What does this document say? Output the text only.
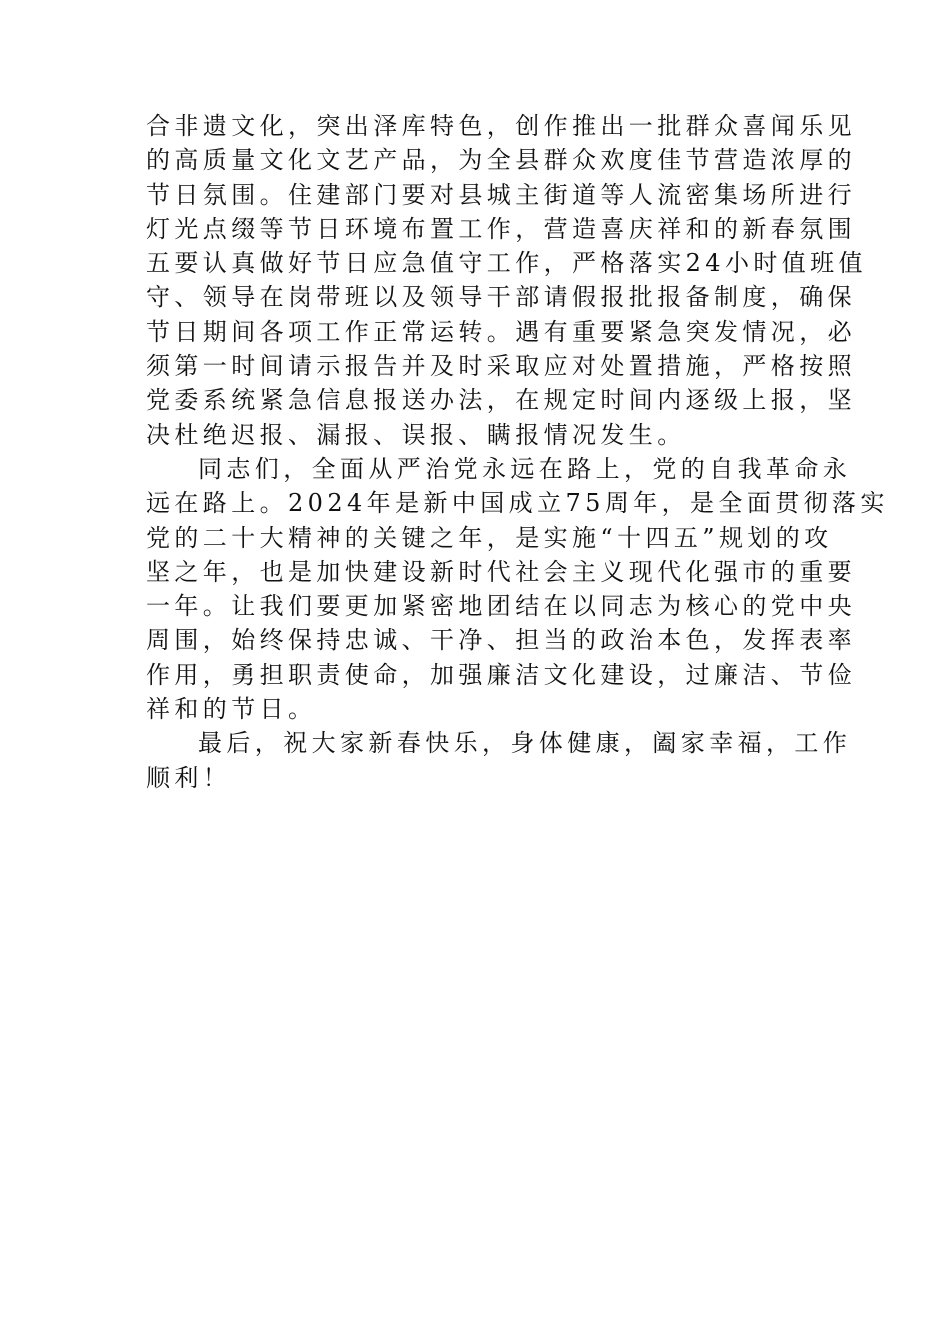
合非遗文化，突出泽库特色，创作推出一批群众喜闻乐见
的高质量文化文艺产品，为全县群众欢度佳节营造浓厚的
节日氛围。住建部门要对县城主街道等人流密集场所进行
灯光点缀等节日环境布置工作，营造喜庆祥和的新春氛围
五要认真做好节日应急值守工作，严格落实24小时值班值
守、领导在岗带班以及领导干部请假报批报备制度，确保
节日期间各项工作正常运转。遇有重要紧急突发情况，必
须第一时间请示报告并及时采取应对处置措施，严格按照
党委系统紧急信息报送办法，在规定时间内逐级上报，坚
决杜绝迟报、漏报、误报、瞒报情况发生。

同志们，全面从严治党永远在路上，党的自我革命永
远在路上。2024年是新中国成立75周年，是全面贯彻落实
党的二十大精神的关键之年，是实施“十四五”规划的攻
坚之年，也是加快建设新时代社会主义现代化强市的重要
一年。让我们要更加紧密地团结在以同志为核心的党中央
周围，始终保持忠诚、干净、担当的政治本色，发挥表率
作用，勇担职责使命，加强廉洁文化建设，过廉洁、节俭
祥和的节日。

最后，祝大家新春快乐，身体健康，阖家幸福，工作
顺利！
